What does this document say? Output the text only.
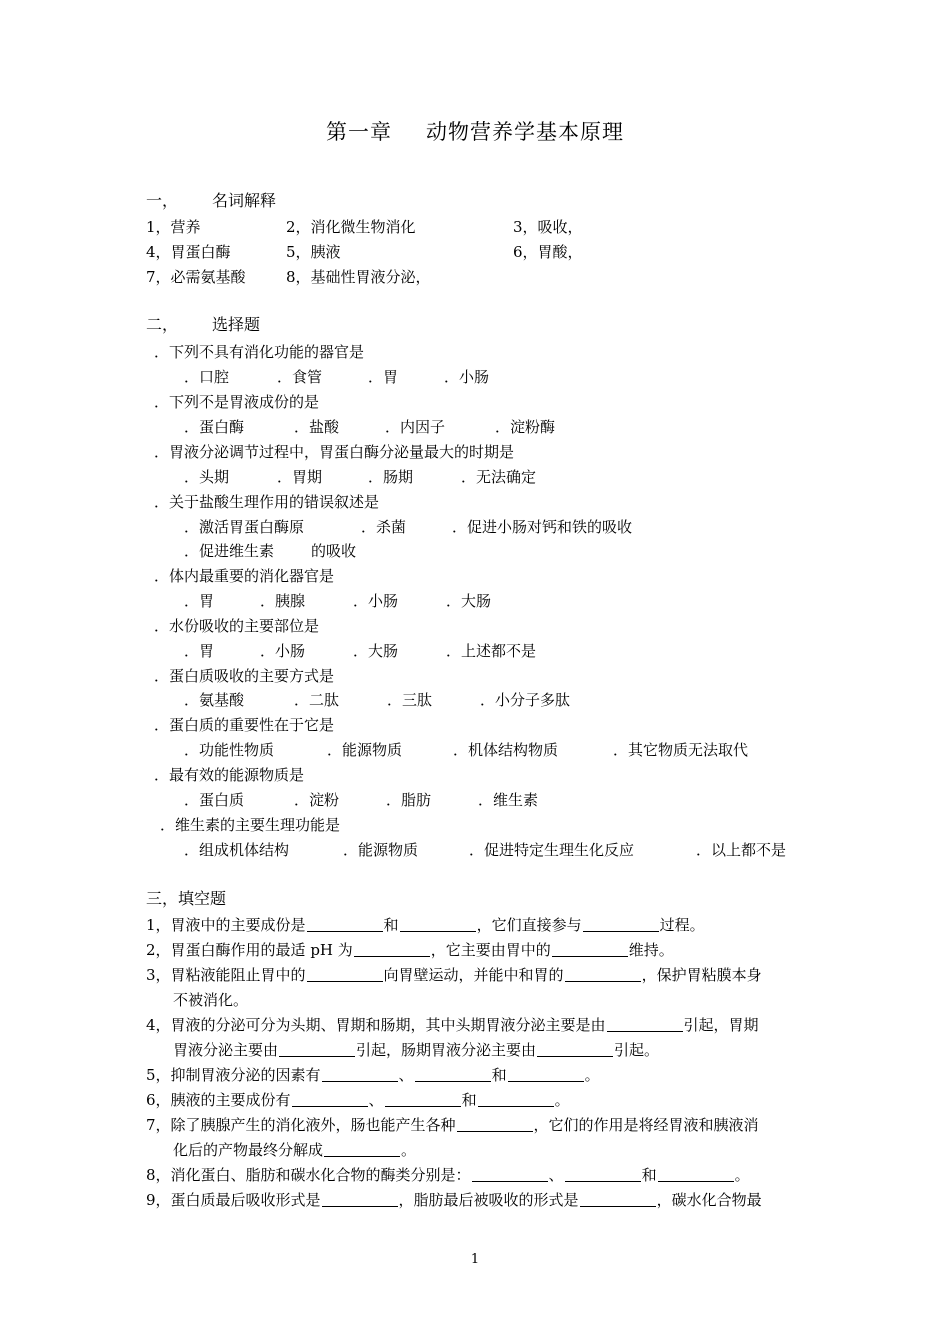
第一章 动物营养学基本原理
一， 名词解释
1，营养	2，消化微生物消化	3，吸收，
4，胃蛋白酶	5，胰液	6，胃酸，
7，必需氨基酸	8，基础性胃液分泌，
二， 选择题
．下列不具有消化功能的器官是
．口腔	．食管	．胃	．小肠
．下列不是胃液成份的是
．蛋白酶	．盐酸	．内因子	．淀粉酶
．胃液分泌调节过程中，胃蛋白酶分泌量最大的时期是
．头期	．胃期	．肠期	．无法确定
．关于盐酸生理作用的错误叙述是
．激活胃蛋白酶原	．杀菌	．促进小肠对钙和铁的吸收
．促进维生素 的吸收
．体内最重要的消化器官是
．胃	．胰腺	．小肠	．大肠
．水份吸收的主要部位是
．胃	．小肠	．大肠	．上述都不是
．蛋白质吸收的主要方式是
．氨基酸	．二肽	．三肽	．小分子多肽
．蛋白质的重要性在于它是
．功能性物质	．能源物质	．机体结构物质	．其它物质无法取代
．最有效的能源物质是
．蛋白质	．淀粉	．脂肪	．维生素
．维生素的主要生理功能是
．组成机体结构	．能源物质	．促进特定生理生化反应	．以上都不是
三，填空题
1，胃液中的主要成份是	和	，它们直接参与	过程。
2，胃蛋白酶作用的最适 pH 为	，它主要由胃中的	维持。
3，胃粘液能阻止胃中的	向胃壁运动，并能中和胃的	，保护胃粘膜本身
不被消化。
4，胃液的分泌可分为头期、胃期和肠期，其中头期胃液分泌主要是由	引起，胃期
胃液分泌主要由	引起，肠期胃液分泌主要由	引起。
5，抑制胃液分泌的因素有	、	和	。
6，胰液的主要成份有	、	和	。
7，除了胰腺产生的消化液外，肠也能产生各种	，它们的作用是将经胃液和胰液消
化后的产物最终分解成	。
8，消化蛋白、脂肪和碳水化合物的酶类分别是：	、	和	。
9，蛋白质最后吸收形式是	，脂肪最后被吸收的形式是	，碳水化合物最
1
